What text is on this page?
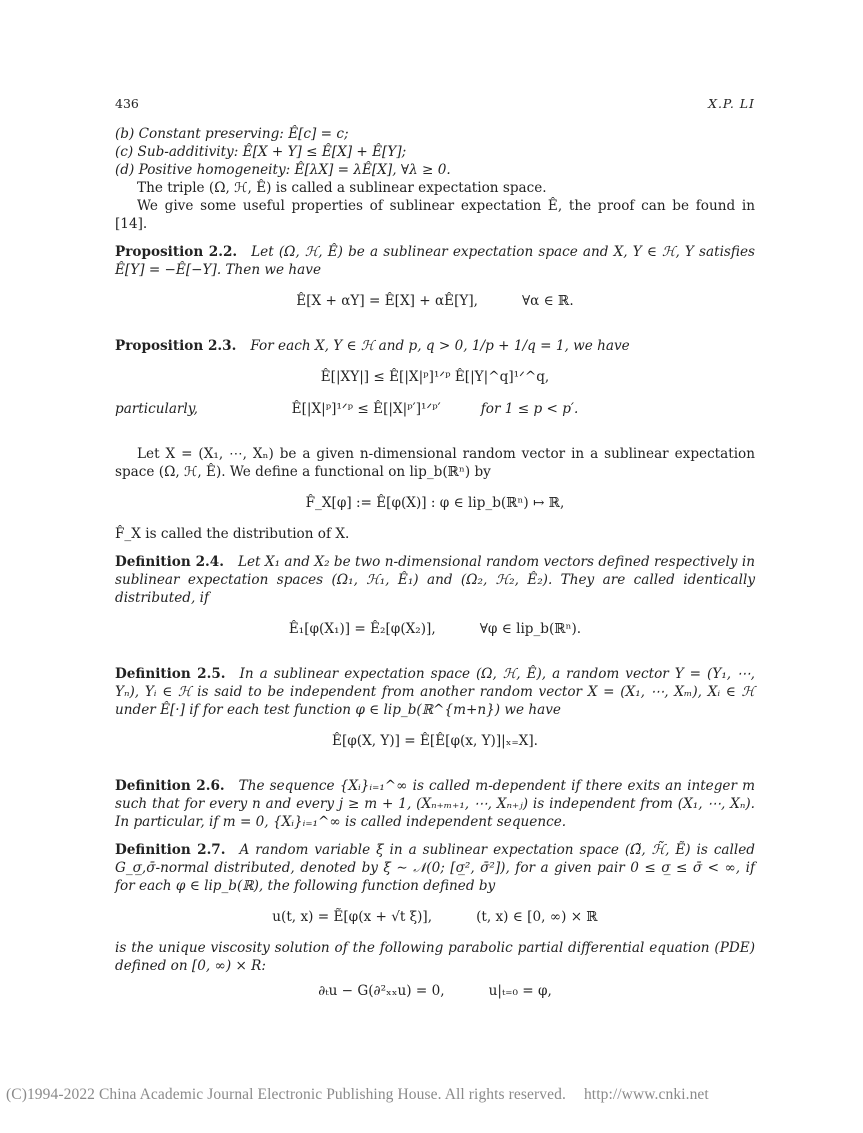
436	X.P. LI

(b) Constant preserving: Ê[c] = c;

(c) Sub-additivity: Ê[X + Y] ≤ Ê[X] + Ê[Y];

(d) Positive homogeneity: Ê[λX] = λÊ[X], ∀λ ≥ 0.

The triple (Ω, ℋ, Ê) is called a sublinear expectation space.

We give some useful properties of sublinear expectation Ê, the proof can be found in [14].

Proposition 2.2. Let (Ω, ℋ, Ê) be a sublinear expectation space and X, Y ∈ ℋ, Y satisfies Ê[Y] = −Ê[−Y]. Then we have

Ê[X + αY] = Ê[X] + αÊ[Y],	∀α ∈ ℝ.

Proposition 2.3. For each X, Y ∈ ℋ and p, q > 0, 1/p + 1/q = 1, we have

Ê[|XY|] ≤ Ê[|X|ᵖ]¹ᐟᵖ Ê[|Y|^q]¹ᐟ^q,
particularly,	Ê[|X|ᵖ]¹ᐟᵖ ≤ Ê[|X|ᵖ′]¹ᐟᵖ′	for 1 ≤ p < p′.

Let X = (X₁, ⋯, Xₙ) be a given n-dimensional random vector in a sublinear expectation space (Ω, ℋ, Ê). We define a functional on lip_b(ℝⁿ) by

F̂_X[φ] := Ê[φ(X)] : φ ∈ lip_b(ℝⁿ) ↦ ℝ,

F̂_X is called the distribution of X.

Definition 2.4. Let X₁ and X₂ be two n-dimensional random vectors defined respectively in sublinear expectation spaces (Ω₁, ℋ₁, Ê₁) and (Ω₂, ℋ₂, Ê₂). They are called identically distributed, if

Ê₁[φ(X₁)] = Ê₂[φ(X₂)],	∀φ ∈ lip_b(ℝⁿ).

Definition 2.5. In a sublinear expectation space (Ω, ℋ, Ê), a random vector Y = (Y₁, ⋯, Yₙ), Yᵢ ∈ ℋ is said to be independent from another random vector X = (X₁, ⋯, Xₘ), Xᵢ ∈ ℋ under Ê[·] if for each test function φ ∈ lip_b(ℝ^{m+n}) we have

Ê[φ(X, Y)] = Ê[Ê[φ(x, Y)]|ₓ₌X].

Definition 2.6. The sequence {Xᵢ}ᵢ₌₁^∞ is called m-dependent if there exits an integer m such that for every n and every j ≥ m + 1, (Xₙ₊ₘ₊₁, ⋯, Xₙ₊ⱼ) is independent from (X₁, ⋯, Xₙ). In particular, if m = 0, {Xᵢ}ᵢ₌₁^∞ is called independent sequence.

Definition 2.7. A random variable ξ in a sublinear expectation space (Ω̃, ℋ̃, Ẽ) is called G_σ̲,σ̄-normal distributed, denoted by ξ ∼ 𝒩(0; [σ̲², σ̄²]), for a given pair 0 ≤ σ̲ ≤ σ̄ < ∞, if for each φ ∈ lip_b(ℝ), the following function defined by

u(t, x) = Ẽ[φ(x + √t ξ)],	(t, x) ∈ [0, ∞) × ℝ

is the unique viscosity solution of the following parabolic partial differential equation (PDE) defined on [0, ∞) × R:

∂ₜu − G(∂²ₓₓu) = 0,	u|ₜ₌₀ = φ,
(C)1994-2022 China Academic Journal Electronic Publishing House. All rights reserved. http://www.cnki.net
